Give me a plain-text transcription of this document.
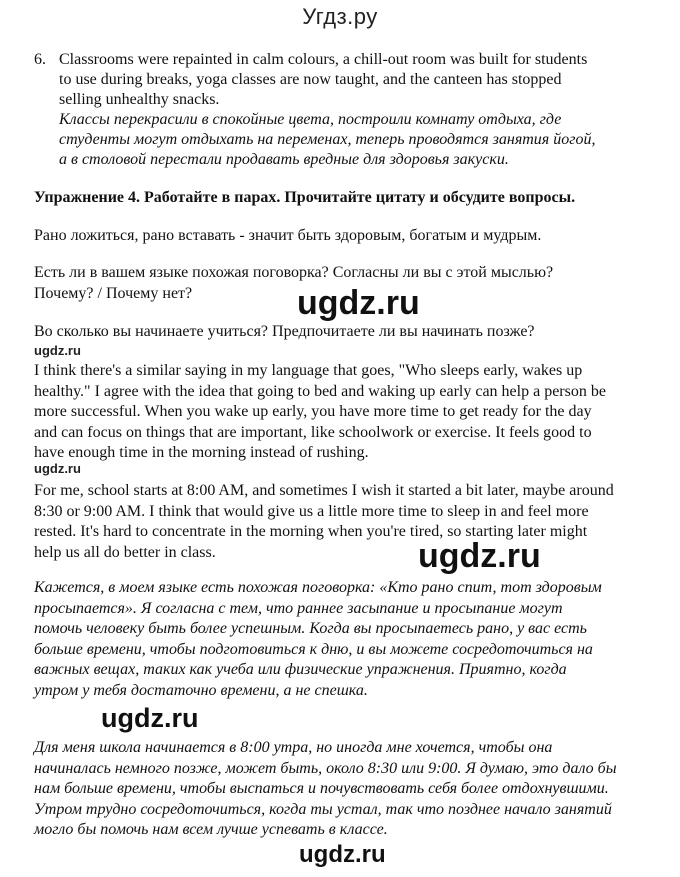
Угдз.ру
6. Classrooms were repainted in calm colours, a chill-out room was built for students to use during breaks, yoga classes are now taught, and the canteen has stopped selling unhealthy snacks.
Классы перекрасили в спокойные цвета, построили комнату отдыха, где студенты могут отдыхать на переменах, теперь проводятся занятия йогой, а в столовой перестали продавать вредные для здоровья закуски.
Упражнение 4. Работайте в парах. Прочитайте цитату и обсудите вопросы.
Рано ложиться, рано вставать - значит быть здоровым, богатым и мудрым.
Есть ли в вашем языке похожая поговорка? Согласны ли вы с этой мыслью? Почему? / Почему нет?
Во сколько вы начинаете учиться? Предпочитаете ли вы начинать позже?
ugdz.ru
I think there's a similar saying in my language that goes, "Who sleeps early, wakes up healthy." I agree with the idea that going to bed and waking up early can help a person be more successful. When you wake up early, you have more time to get ready for the day and can focus on things that are important, like schoolwork or exercise. It feels good to have enough time in the morning instead of rushing.
ugdz.ru
For me, school starts at 8:00 AM, and sometimes I wish it started a bit later, maybe around 8:30 or 9:00 AM. I think that would give us a little more time to sleep in and feel more rested. It's hard to concentrate in the morning when you're tired, so starting later might help us all do better in class.
Кажется, в моем языке есть похожая поговорка: «Кто рано спит, тот здоровым просыпается». Я согласна с тем, что раннее засыпание и просыпание могут помочь человеку быть более успешным. Когда вы просыпаетесь рано, у вас есть больше времени, чтобы подготовиться к дню, и вы можете сосредоточиться на важных вещах, таких как учеба или физические упражнения. Приятно, когда утром у тебя достаточно времени, а не спешка.
Для меня школа начинается в 8:00 утра, но иногда мне хочется, чтобы она начиналась немного позже, может быть, около 8:30 или 9:00. Я думаю, это дало бы нам больше времени, чтобы выспаться и почувствовать себя более отдохнувшими. Утром трудно сосредоточиться, когда ты устал, так что позднее начало занятий могло бы помочь нам всем лучше успевать в классе.
ugdz.ru
ugdz.ru
ugdz.ru
ugdz.ru
